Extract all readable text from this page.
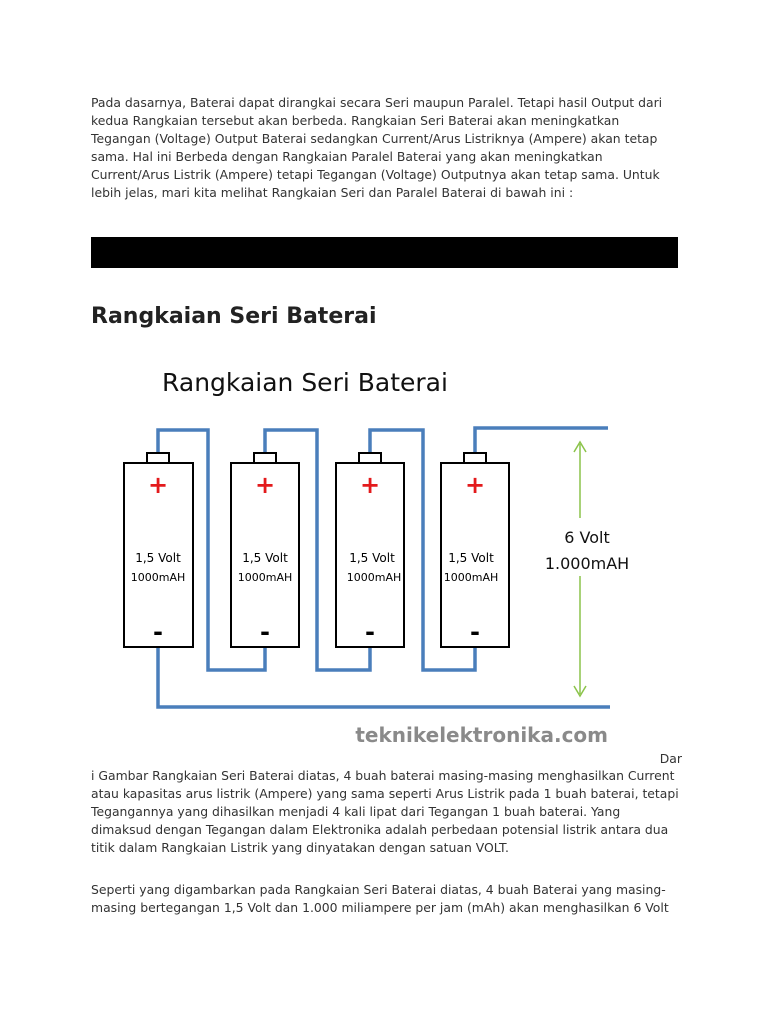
Pada dasarnya, Baterai dapat dirangkai secara Seri maupun Paralel. Tetapi hasil Output dari kedua Rangkaian tersebut akan berbeda. Rangkaian Seri Baterai akan meningkatkan Tegangan (Voltage) Output Baterai sedangkan Current/Arus Listriknya (Ampere) akan tetap sama. Hal ini Berbeda dengan Rangkaian Paralel Baterai yang akan meningkatkan Current/Arus Listrik (Ampere) tetapi Tegangan (Voltage) Outputnya akan tetap sama. Untuk lebih jelas, mari kita melihat Rangkaian Seri dan Paralel Baterai di bawah ini :

Rangkaian Seri Baterai
Rangkaian Seri Baterai
+
1,5 Volt
1000mAH
-
+
1,5 Volt
1000mAH
-
+
1,5 Volt
1000mAH
-
+
1,5 Volt
1000mAH
-
6 Volt
1.000mAH
teknikelektronika.com
Dar

i Gambar Rangkaian Seri Baterai diatas, 4 buah baterai masing-masing menghasilkan Current atau kapasitas arus listrik (Ampere) yang sama seperti Arus Listrik pada 1 buah baterai, tetapi Tegangannya yang dihasilkan menjadi 4 kali lipat dari Tegangan 1 buah baterai. Yang dimaksud dengan Tegangan dalam Elektronika adalah perbedaan potensial listrik antara dua titik dalam Rangkaian Listrik yang dinyatakan dengan satuan VOLT.

Seperti yang digambarkan pada Rangkaian Seri Baterai diatas, 4 buah Baterai yang masing-masing bertegangan 1,5 Volt dan 1.000 miliampere per jam (mAh) akan menghasilkan 6 Volt
